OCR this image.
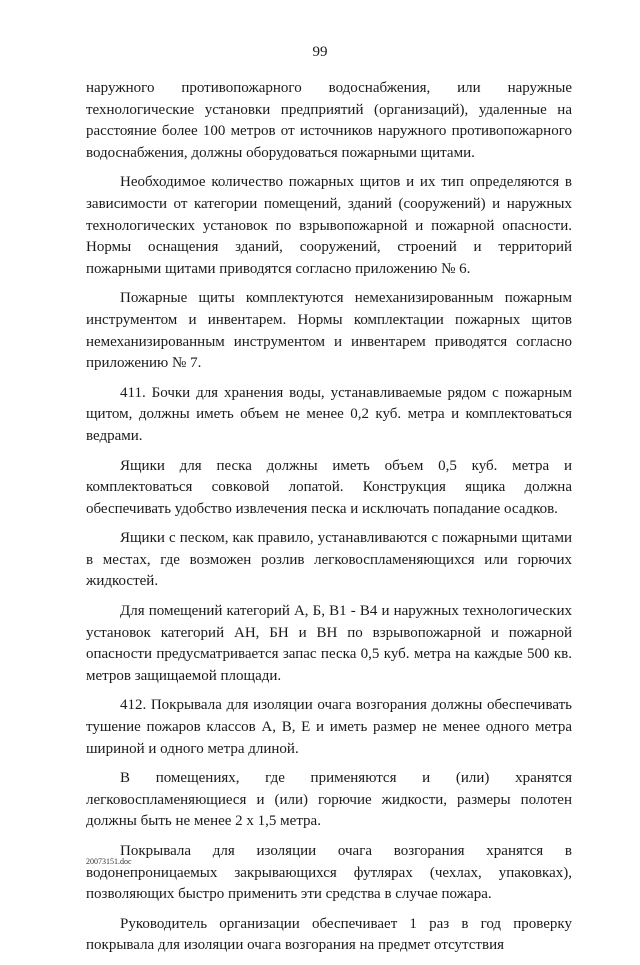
99

наружного противопожарного водоснабжения, или наружные технологические установки предприятий (организаций), удаленные на расстояние более 100 метров от источников наружного противопожарного водоснабжения, должны оборудоваться пожарными щитами.

Необходимое количество пожарных щитов и их тип определяются в зависимости от категории помещений, зданий (сооружений) и наружных технологических установок по взрывопожарной и пожарной опасности. Нормы оснащения зданий, сооружений, строений и территорий пожарными щитами приводятся согласно приложению № 6.

Пожарные щиты комплектуются немеханизированным пожарным инструментом и инвентарем. Нормы комплектации пожарных щитов немеханизированным инструментом и инвентарем приводятся согласно приложению № 7.

411. Бочки для хранения воды, устанавливаемые рядом с пожарным щитом, должны иметь объем не менее 0,2 куб. метра и комплектоваться ведрами.

Ящики для песка должны иметь объем 0,5 куб. метра и комплектоваться совковой лопатой. Конструкция ящика должна обеспечивать удобство извлечения песка и исключать попадание осадков.

Ящики с песком, как правило, устанавливаются с пожарными щитами в местах, где возможен розлив легковоспламеняющихся или горючих жидкостей.

Для помещений категорий А, Б, В1 - В4 и наружных технологических установок категорий АН, БН и ВН по взрывопожарной и пожарной опасности предусматривается запас песка 0,5 куб. метра на каждые 500 кв. метров защищаемой площади.

412. Покрывала для изоляции очага возгорания должны обеспечивать тушение пожаров классов А, В, Е и иметь размер не менее одного метра шириной и одного метра длиной.

В помещениях, где применяются и (или) хранятся легковоспламеняющиеся и (или) горючие жидкости, размеры полотен должны быть не менее 2 х 1,5 метра.

Покрывала для изоляции очага возгорания хранятся в водонепроницаемых закрывающихся футлярах (чехлах, упаковках), позволяющих быстро применить эти средства в случае пожара.

Руководитель организации обеспечивает 1 раз в год проверку покрывала для изоляции очага возгорания на предмет отсутствия

20073151.doc
